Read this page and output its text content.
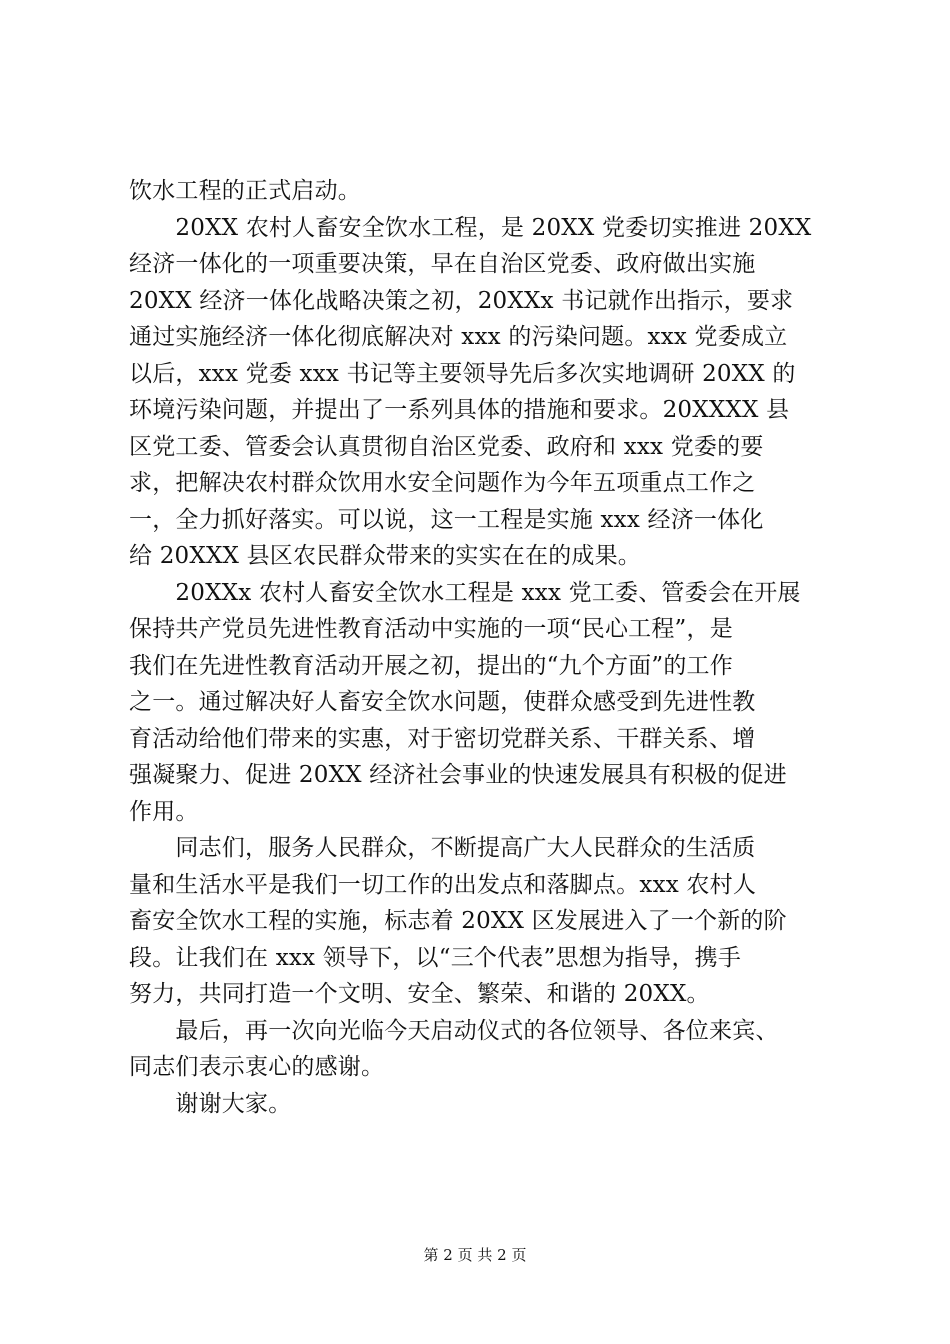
饮水工程的正式启动。
　　20XX 农村人畜安全饮水工程，是 20XX 党委切实推进 20XX
经济一体化的一项重要决策，早在自治区党委、政府做出实施
20XX 经济一体化战略决策之初，20XXx 书记就作出指示，要求
通过实施经济一体化彻底解决对 xxx 的污染问题。xxx 党委成立
以后，xxx 党委 xxx 书记等主要领导先后多次实地调研 20XX 的
环境污染问题，并提出了一系列具体的措施和要求。20XXXX 县
区党工委、管委会认真贯彻自治区党委、政府和 xxx 党委的要
求，把解决农村群众饮用水安全问题作为今年五项重点工作之
一，全力抓好落实。可以说，这一工程是实施 xxx 经济一体化
给 20XXX 县区农民群众带来的实实在在的成果。
　　20XXx 农村人畜安全饮水工程是 xxx 党工委、管委会在开展
保持共产党员先进性教育活动中实施的一项“民心工程”，是
我们在先进性教育活动开展之初，提出的“九个方面”的工作
之一。通过解决好人畜安全饮水问题，使群众感受到先进性教
育活动给他们带来的实惠，对于密切党群关系、干群关系、增
强凝聚力、促进 20XX 经济社会事业的快速发展具有积极的促进
作用。
　　同志们，服务人民群众，不断提高广大人民群众的生活质
量和生活水平是我们一切工作的出发点和落脚点。xxx 农村人
畜安全饮水工程的实施，标志着 20XX 区发展进入了一个新的阶
段。让我们在 xxx 领导下，以“三个代表”思想为指导，携手
努力，共同打造一个文明、安全、繁荣、和谐的 20XX。
　　最后，再一次向光临今天启动仪式的各位领导、各位来宾、
同志们表示衷心的感谢。
　　谢谢大家。
第 2 页 共 2 页
